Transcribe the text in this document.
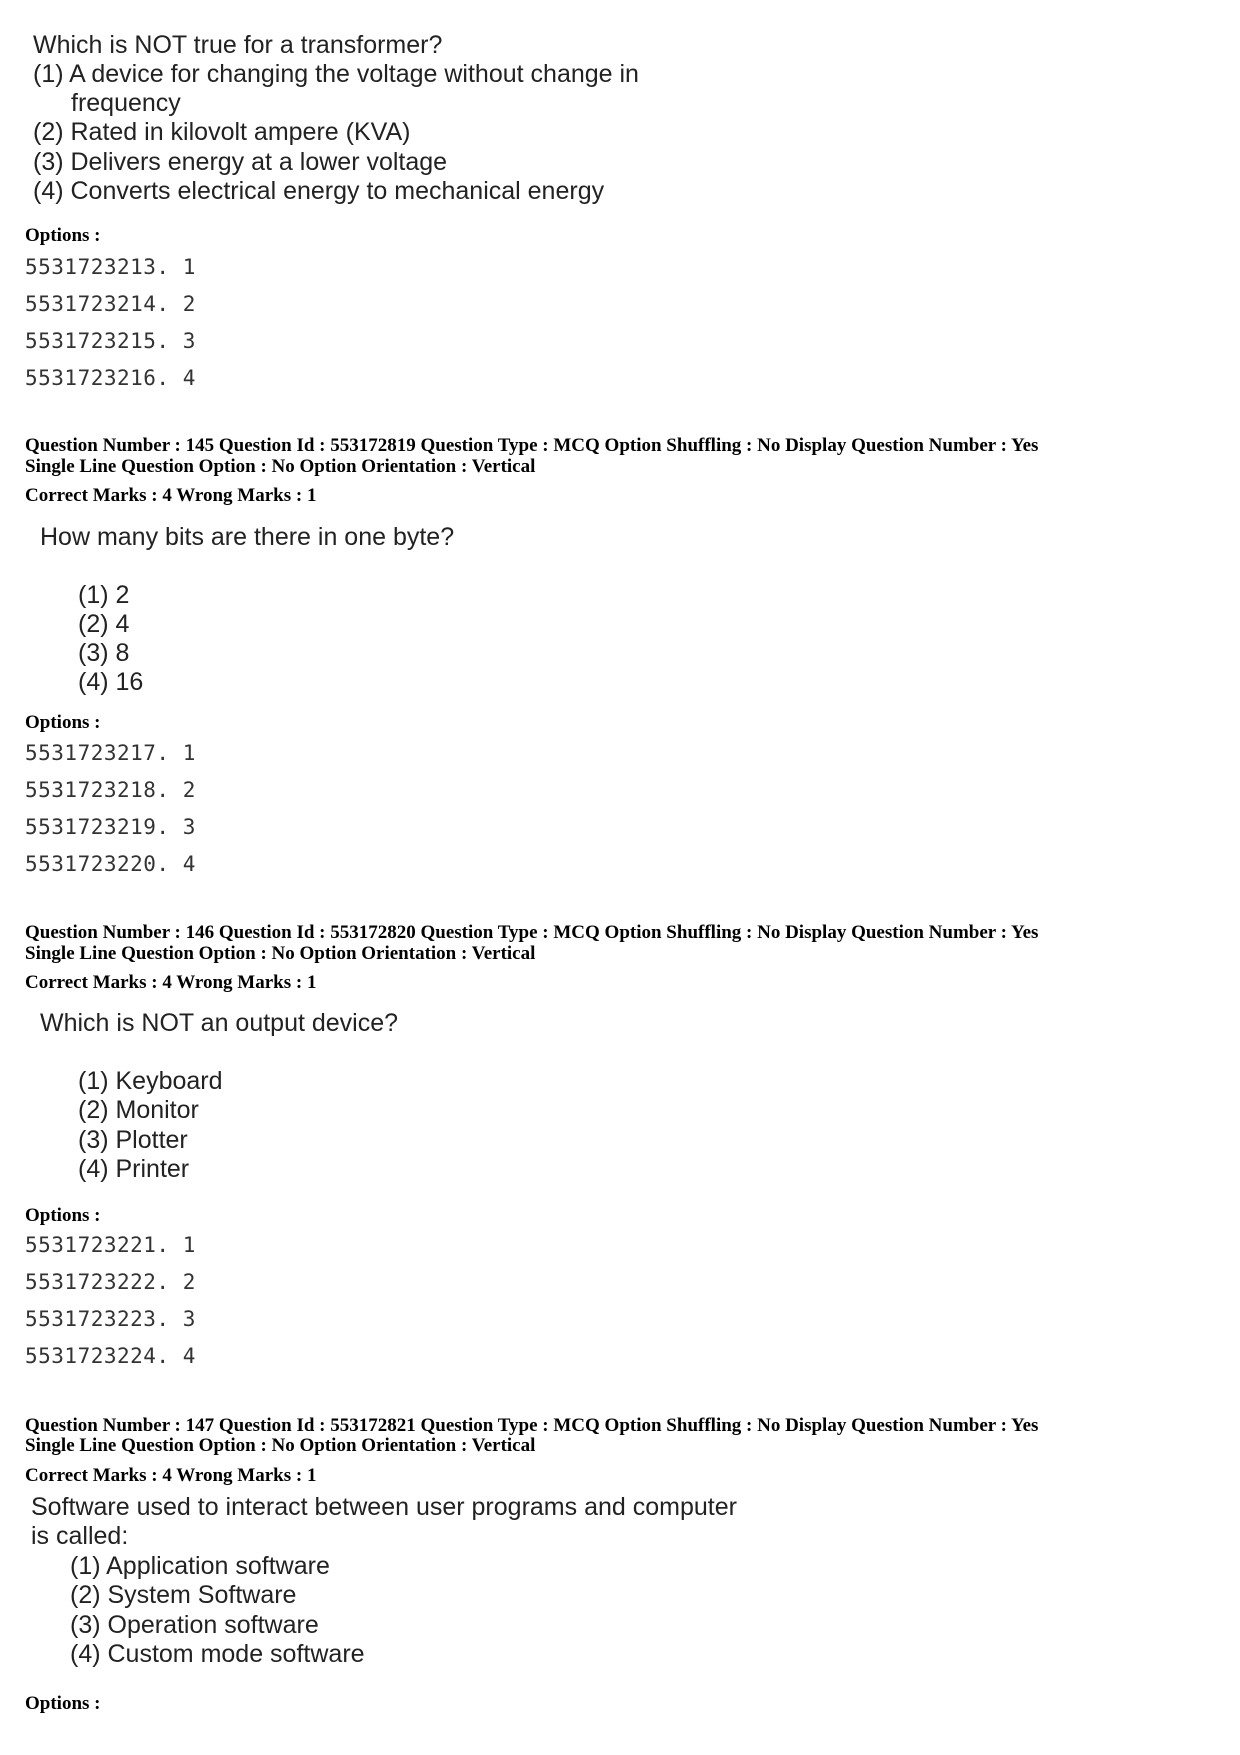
Which is NOT true for a transformer?

(1) A device for changing the voltage without change in

frequency

(2) Rated in kilovolt ampere (KVA)

(3) Delivers energy at a lower voltage

(4) Converts electrical energy to mechanical energy

Options :

5531723213. 1

5531723214. 2

5531723215. 3

5531723216. 4

Question Number : 145 Question Id : 553172819 Question Type : MCQ Option Shuffling : No Display Question Number : Yes

Single Line Question Option : No Option Orientation : Vertical

Correct Marks : 4 Wrong Marks : 1

How many bits are there in one byte?

(1) 2

(2) 4

(3) 8

(4) 16

Options :

5531723217. 1

5531723218. 2

5531723219. 3

5531723220. 4

Question Number : 146 Question Id : 553172820 Question Type : MCQ Option Shuffling : No Display Question Number : Yes

Single Line Question Option : No Option Orientation : Vertical

Correct Marks : 4 Wrong Marks : 1

Which is NOT an output device?

(1) Keyboard

(2) Monitor

(3) Plotter

(4) Printer

Options :

5531723221. 1

5531723222. 2

5531723223. 3

5531723224. 4

Question Number : 147 Question Id : 553172821 Question Type : MCQ Option Shuffling : No Display Question Number : Yes

Single Line Question Option : No Option Orientation : Vertical

Correct Marks : 4 Wrong Marks : 1

Software used to interact between user programs and computer

is called:

(1) Application software

(2) System Software

(3) Operation software

(4) Custom mode software

Options :
